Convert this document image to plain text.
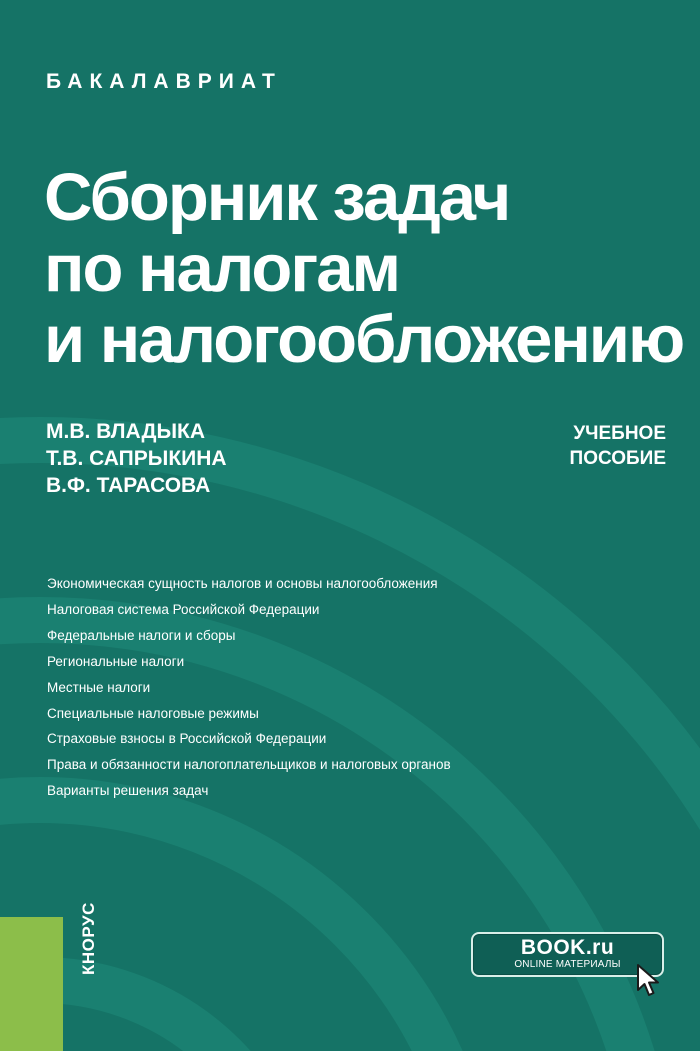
БАКАЛАВРИАТ
Сборник задач
по налогам
и налогообложению
М.В. ВЛАДЫКА
Т.В. САПРЫКИНА
В.Ф. ТАРАСОВА
УЧЕБНОЕ
ПОСОБИЕ
Экономическая сущность налогов и основы налогообложения
Налоговая система Российской Федерации
Федеральные налоги и сборы
Региональные налоги
Местные налоги
Специальные налоговые режимы
Страховые взносы в Российской Федерации
Права и обязанности налогоплательщиков и налоговых органов
Варианты решения задач
КНОРУС	BOOK.ru
ONLINE МАТЕРИАЛЫ
